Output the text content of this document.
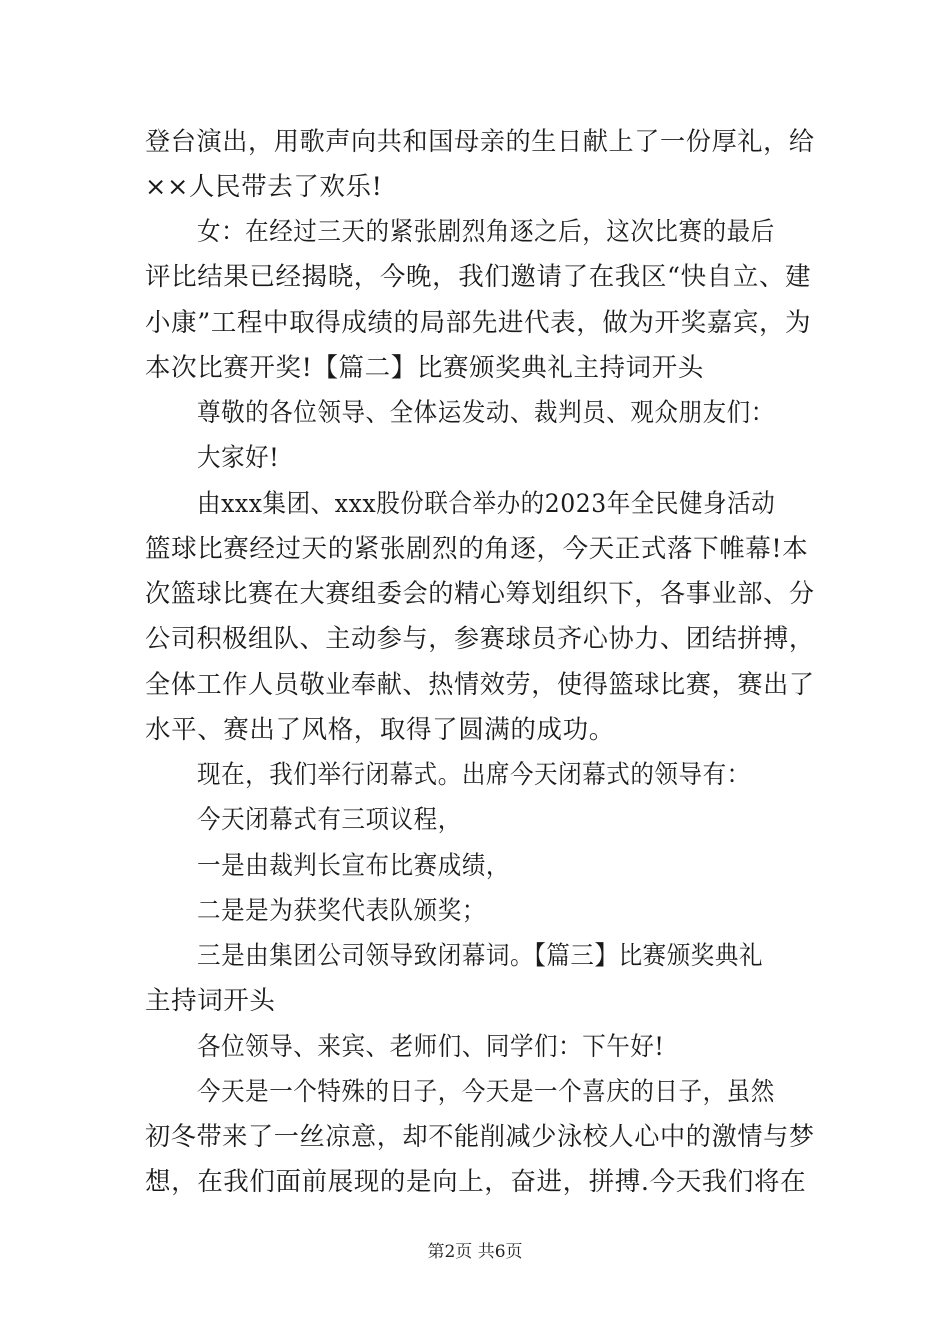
登台演出，用歌声向共和国母亲的生日献上了一份厚礼，给
××人民带去了欢乐!
女：在经过三天的紧张剧烈角逐之后，这次比赛的最后
评比结果已经揭晓，今晚，我们邀请了在我区“快自立、建
小康”工程中取得成绩的局部先进代表，做为开奖嘉宾，为
本次比赛开奖!【篇二】比赛颁奖典礼主持词开头
尊敬的各位领导、全体运发动、裁判员、观众朋友们：
大家好!
由xxx集团、xxx股份联合举办的2023年全民健身活动
篮球比赛经过天的紧张剧烈的角逐，今天正式落下帷幕!本
次篮球比赛在大赛组委会的精心筹划组织下，各事业部、分
公司积极组队、主动参与，参赛球员齐心协力、团结拼搏，
全体工作人员敬业奉献、热情效劳，使得篮球比赛，赛出了
水平、赛出了风格，取得了圆满的成功。
现在，我们举行闭幕式。出席今天闭幕式的领导有：
今天闭幕式有三项议程，
一是由裁判长宣布比赛成绩，
二是是为获奖代表队颁奖；
三是由集团公司领导致闭幕词。【篇三】比赛颁奖典礼
主持词开头
各位领导、来宾、老师们、同学们：下午好!
今天是一个特殊的日子，今天是一个喜庆的日子，虽然
初冬带来了一丝凉意，却不能削减少泳校人心中的激情与梦
想，在我们面前展现的是向上，奋进，拼搏.今天我们将在
第2页 共6页
